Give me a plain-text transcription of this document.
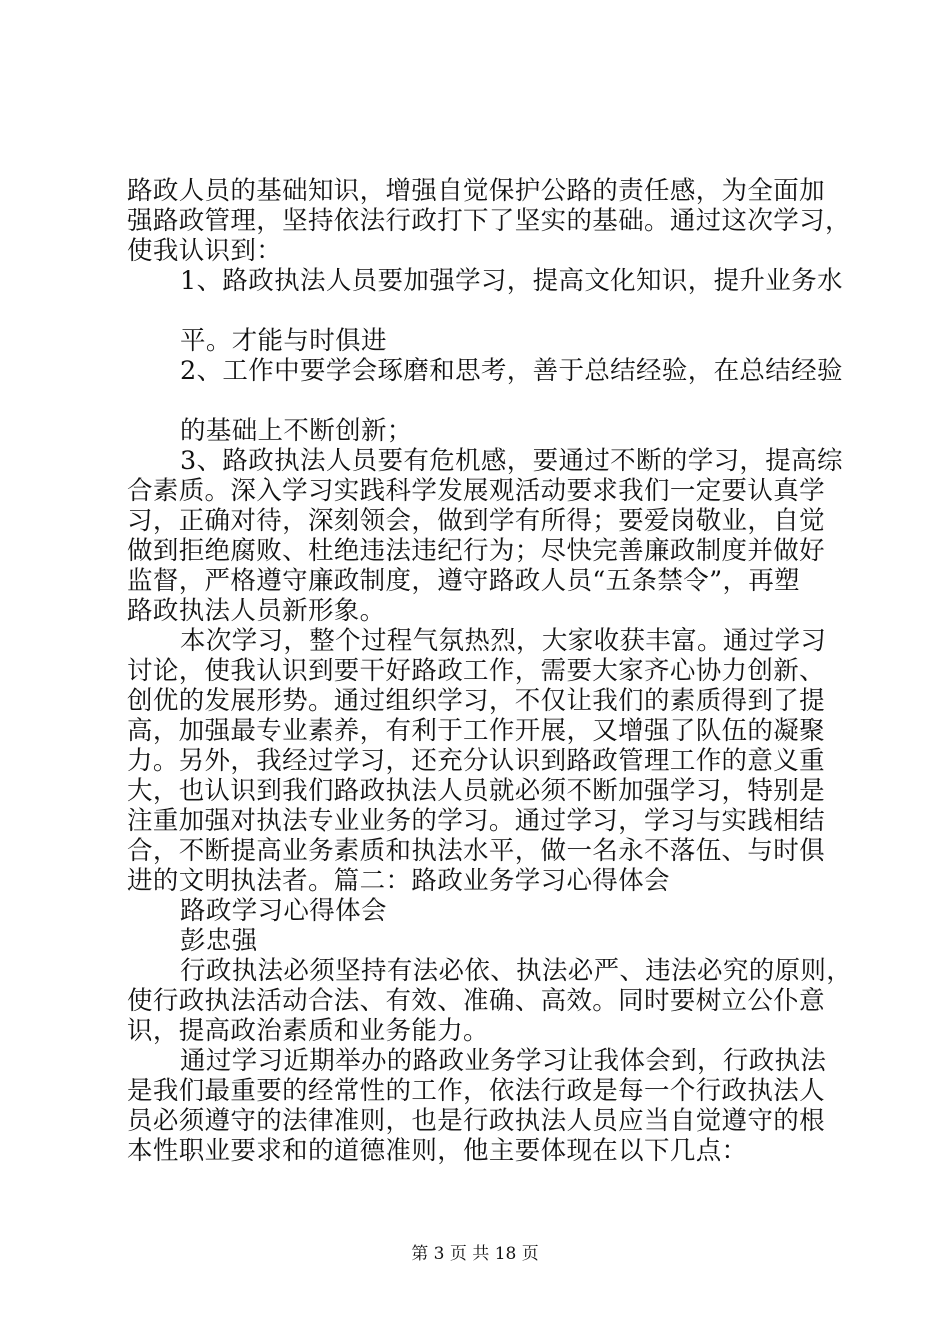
路政人员的基础知识，增强自觉保护公路的责任感，为全面加
强路政管理，坚持依法行政打下了坚实的基础。通过这次学习，
使我认识到：
1、路政执法人员要加强学习，提高文化知识，提升业务水
平。才能与时俱进
2、工作中要学会琢磨和思考，善于总结经验，在总结经验
的基础上不断创新；
3、路政执法人员要有危机感，要通过不断的学习，提高综
合素质。深入学习实践科学发展观活动要求我们一定要认真学
习，正确对待，深刻领会，做到学有所得；要爱岗敬业，自觉
做到拒绝腐败、杜绝违法违纪行为；尽快完善廉政制度并做好
监督，严格遵守廉政制度，遵守路政人员“五条禁令”，再塑
路政执法人员新形象。
本次学习，整个过程气氛热烈，大家收获丰富。通过学习
讨论，使我认识到要干好路政工作，需要大家齐心协力创新、
创优的发展形势。通过组织学习，不仅让我们的素质得到了提
高，加强最专业素养，有利于工作开展，又增强了队伍的凝聚
力。另外，我经过学习，还充分认识到路政管理工作的意义重
大，也认识到我们路政执法人员就必须不断加强学习，特别是
注重加强对执法专业业务的学习。通过学习，学习与实践相结
合，不断提高业务素质和执法水平，做一名永不落伍、与时俱
进的文明执法者。篇二：路政业务学习心得体会
路政学习心得体会
彭忠强
行政执法必须坚持有法必依、执法必严、违法必究的原则，
使行政执法活动合法、有效、准确、高效。同时要树立公仆意
识，提高政治素质和业务能力。
通过学习近期举办的路政业务学习让我体会到，行政执法
是我们最重要的经常性的工作，依法行政是每一个行政执法人
员必须遵守的法律准则，也是行政执法人员应当自觉遵守的根
本性职业要求和的道德准则，他主要体现在以下几点：
第 3 页 共 18 页
